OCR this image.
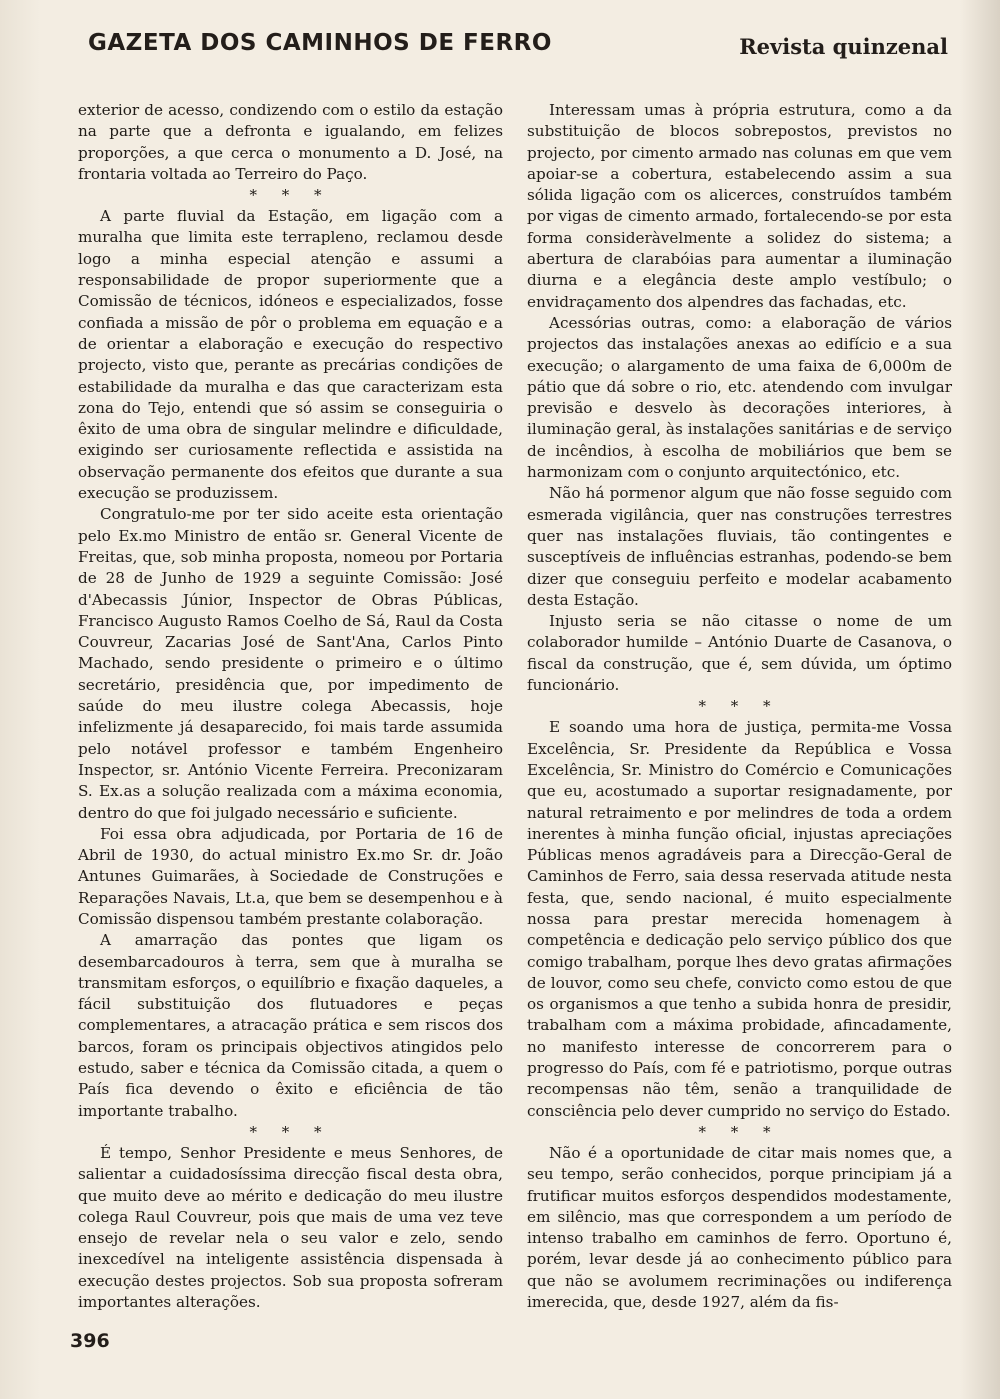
GAZETA DOS CAMINHOS DE FERRO	Revista quinzenal

exterior de acesso, condizendo com o estilo da estação na parte que a defronta e igualando, em felizes proporções, a que cerca o monumento a D. José, na frontaria voltada ao Terreiro do Paço.

* * *

A parte fluvial da Estação, em ligação com a muralha que limita este terrapleno, reclamou desde logo a minha especial atenção e assumi a responsabilidade de propor superiormente que a Comissão de técnicos, idóneos e especializados, fosse confiada a missão de pôr o problema em equação e a de orientar a elaboração e execução do respectivo projecto, visto que, perante as precárias condições de estabilidade da muralha e das que caracterizam esta zona do Tejo, entendi que só assim se conseguiria o êxito de uma obra de singular melindre e dificuldade, exigindo ser curiosamente reflectida e assistida na observação permanente dos efeitos que durante a sua execução se produzissem.

Congratulo-me por ter sido aceite esta orientação pelo Ex.mo Ministro de então sr. General Vicente de Freitas, que, sob minha proposta, nomeou por Portaria de 28 de Junho de 1929 a seguinte Comissão: José d'Abecassis Júnior, Inspector de Obras Públicas, Francisco Augusto Ramos Coelho de Sá, Raul da Costa Couvreur, Zacarias José de Sant'Ana, Carlos Pinto Machado, sendo presidente o primeiro e o último secretário, presidência que, por impedimento de saúde do meu ilustre colega Abecassis, hoje infelizmente já desaparecido, foi mais tarde assumida pelo notável professor e também Engenheiro Inspector, sr. António Vicente Ferreira. Preconizaram S. Ex.as a solução realizada com a máxima economia, dentro do que foi julgado necessário e suficiente.

Foi essa obra adjudicada, por Portaria de 16 de Abril de 1930, do actual ministro Ex.mo Sr. dr. João Antunes Guimarães, à Sociedade de Construções e Reparações Navais, Lt.a, que bem se desempenhou e à Comissão dispensou também prestante colaboração.

A amarração das pontes que ligam os desembarcadouros à terra, sem que à muralha se transmitam esforços, o equilíbrio e fixação daqueles, a fácil substituição dos flutuadores e peças complementares, a atracação prática e sem riscos dos barcos, foram os principais objectivos atingidos pelo estudo, saber e técnica da Comissão citada, a quem o País fica devendo o êxito e eficiência de tão importante trabalho.

* * *

É tempo, Senhor Presidente e meus Senhores, de salientar a cuidadosíssima direcção fiscal desta obra, que muito deve ao mérito e dedicação do meu ilustre colega Raul Couvreur, pois que mais de uma vez teve ensejo de revelar nela o seu valor e zelo, sendo inexcedível na inteligente assistência dispensada à execução destes projectos. Sob sua proposta sofreram importantes alterações.

Interessam umas à própria estrutura, como a da substituição de blocos sobrepostos, previstos no projecto, por cimento armado nas colunas em que vem apoiar-se a cobertura, estabelecendo assim a sua sólida ligação com os alicerces, construídos também por vigas de cimento armado, fortalecendo-se por esta forma consideràvelmente a solidez do sistema; a abertura de clarabóias para aumentar a iluminação diurna e a elegância deste amplo vestíbulo; o envidraçamento dos alpendres das fachadas, etc.

Acessórias outras, como: a elaboração de vários projectos das instalações anexas ao edifício e a sua execução; o alargamento de uma faixa de 6,000m de pátio que dá sobre o rio, etc. atendendo com invulgar previsão e desvelo às decorações interiores, à iluminação geral, às instalações sanitárias e de serviço de incêndios, à escolha de mobiliários que bem se harmonizam com o conjunto arquitectónico, etc.

Não há pormenor algum que não fosse seguido com esmerada vigilância, quer nas construções terrestres quer nas instalações fluviais, tão contingentes e susceptíveis de influências estranhas, podendo-se bem dizer que conseguiu perfeito e modelar acabamento desta Estação.

Injusto seria se não citasse o nome de um colaborador humilde – António Duarte de Casanova, o fiscal da construção, que é, sem dúvida, um óptimo funcionário.

* * *

E soando uma hora de justiça, permita-me Vossa Excelência, Sr. Presidente da República e Vossa Excelência, Sr. Ministro do Comércio e Comunicações que eu, acostumado a suportar resignadamente, por natural retraimento e por melindres de toda a ordem inerentes à minha função oficial, injustas apreciações Públicas menos agradáveis para a Direcção-Geral de Caminhos de Ferro, saia dessa reservada atitude nesta festa, que, sendo nacional, é muito especialmente nossa para prestar merecida homenagem à competência e dedicação pelo serviço público dos que comigo trabalham, porque lhes devo gratas afirmações de louvor, como seu chefe, convicto como estou de que os organismos a que tenho a subida honra de presidir, trabalham com a máxima probidade, afincadamente, no manifesto interesse de concorrerem para o progresso do País, com fé e patriotismo, porque outras recompensas não têm, senão a tranquilidade de consciência pelo dever cumprido no serviço do Estado.

* * *

Não é a oportunidade de citar mais nomes que, a seu tempo, serão conhecidos, porque principiam já a frutificar muitos esforços despendidos modestamente, em silêncio, mas que correspondem a um período de intenso trabalho em caminhos de ferro. Oportuno é, porém, levar desde já ao conhecimento público para que não se avolumem recriminações ou indiferença imerecida, que, desde 1927, além da fis-

396
